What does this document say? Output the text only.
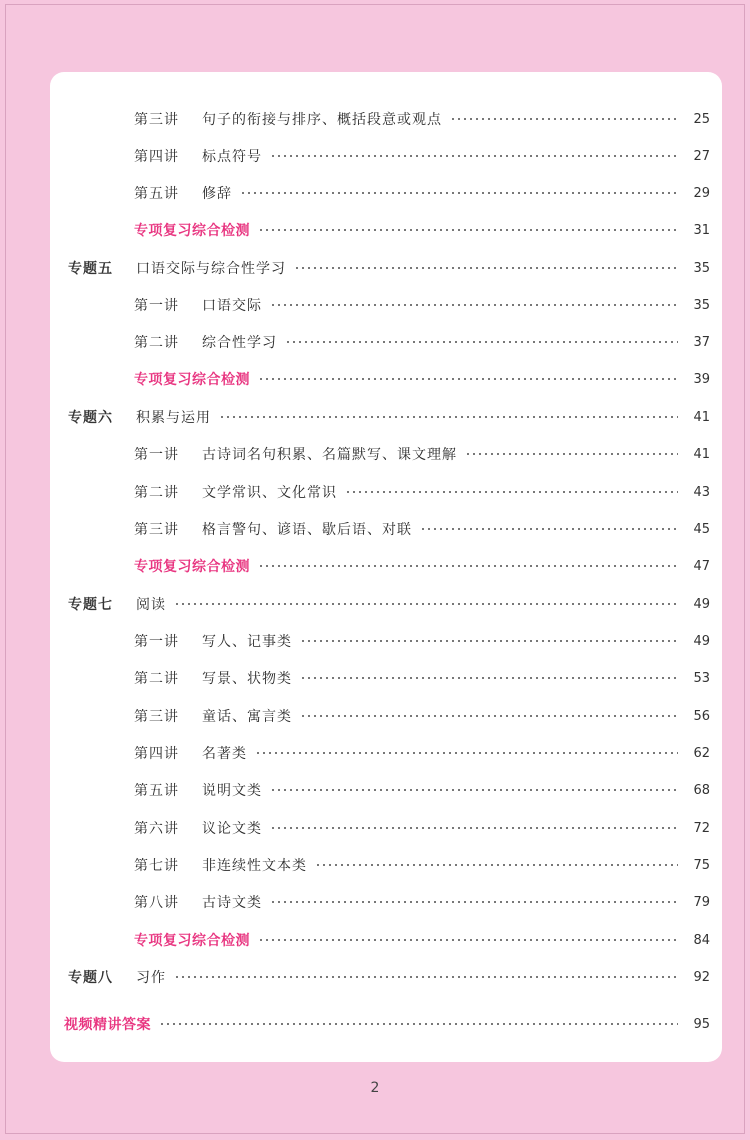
第三讲	句子的衔接与排序、概括段意或观点	25
第四讲	标点符号	27
第五讲	修辞	29
专项复习综合检测	31
专题五	口语交际与综合性学习	35
第一讲	口语交际	35
第二讲	综合性学习	37
专项复习综合检测	39
专题六	积累与运用	41
第一讲	古诗词名句积累、名篇默写、课文理解	41
第二讲	文学常识、文化常识	43
第三讲	格言警句、谚语、歇后语、对联	45
专项复习综合检测	47
专题七	阅读	49
第一讲	写人、记事类	49
第二讲	写景、状物类	53
第三讲	童话、寓言类	56
第四讲	名著类	62
第五讲	说明文类	68
第六讲	议论文类	72
第七讲	非连续性文本类	75
第八讲	古诗文类	79
专项复习综合检测	84
专题八	习作	92
视频精讲答案	95
2
